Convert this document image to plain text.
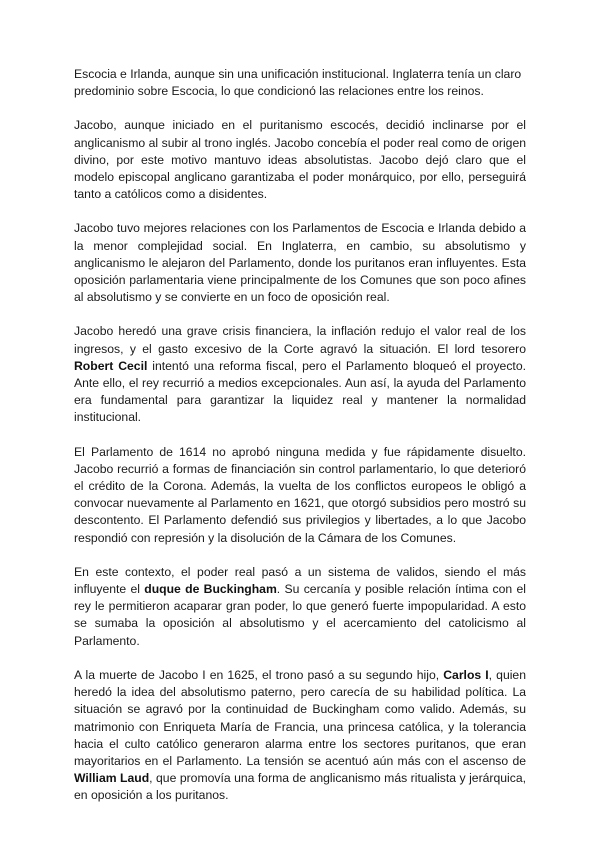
Escocia e Irlanda, aunque sin una unificación institucional. Inglaterra tenía un claro predominio sobre Escocia, lo que condicionó las relaciones entre los reinos.

Jacobo, aunque iniciado en el puritanismo escocés, decidió inclinarse por el anglicanismo al subir al trono inglés. Jacobo concebía el poder real como de origen divino, por este motivo mantuvo ideas absolutistas. Jacobo dejó claro que el modelo episcopal anglicano garantizaba el poder monárquico, por ello, perseguirá tanto a católicos como a disidentes.

Jacobo tuvo mejores relaciones con los Parlamentos de Escocia e Irlanda debido a la menor complejidad social. En Inglaterra, en cambio, su absolutismo y anglicanismo le alejaron del Parlamento, donde los puritanos eran influyentes. Esta oposición parlamentaria viene principalmente de los Comunes que son poco afines al absolutismo y se convierte en un foco de oposición real.

Jacobo heredó una grave crisis financiera, la inflación redujo el valor real de los ingresos, y el gasto excesivo de la Corte agravó la situación. El lord tesorero Robert Cecil intentó una reforma fiscal, pero el Parlamento bloqueó el proyecto. Ante ello, el rey recurrió a medios excepcionales. Aun así, la ayuda del Parlamento era fundamental para garantizar la liquidez real y mantener la normalidad institucional.

El Parlamento de 1614 no aprobó ninguna medida y fue rápidamente disuelto. Jacobo recurrió a formas de financiación sin control parlamentario, lo que deterioró el crédito de la Corona. Además, la vuelta de los conflictos europeos le obligó a convocar nuevamente al Parlamento en 1621, que otorgó subsidios pero mostró su descontento. El Parlamento defendió sus privilegios y libertades, a lo que Jacobo respondió con represión y la disolución de la Cámara de los Comunes.

En este contexto, el poder real pasó a un sistema de validos, siendo el más influyente el duque de Buckingham. Su cercanía y posible relación íntima con el rey le permitieron acaparar gran poder, lo que generó fuerte impopularidad. A esto se sumaba la oposición al absolutismo y el acercamiento del catolicismo al Parlamento.

A la muerte de Jacobo I en 1625, el trono pasó a su segundo hijo, Carlos I, quien heredó la idea del absolutismo paterno, pero carecía de su habilidad política. La situación se agravó por la continuidad de Buckingham como valido. Además, su matrimonio con Enriqueta María de Francia, una princesa católica, y la tolerancia hacia el culto católico generaron alarma entre los sectores puritanos, que eran mayoritarios en el Parlamento. La tensión se acentuó aún más con el ascenso de William Laud, que promovía una forma de anglicanismo más ritualista y jerárquica, en oposición a los puritanos.
